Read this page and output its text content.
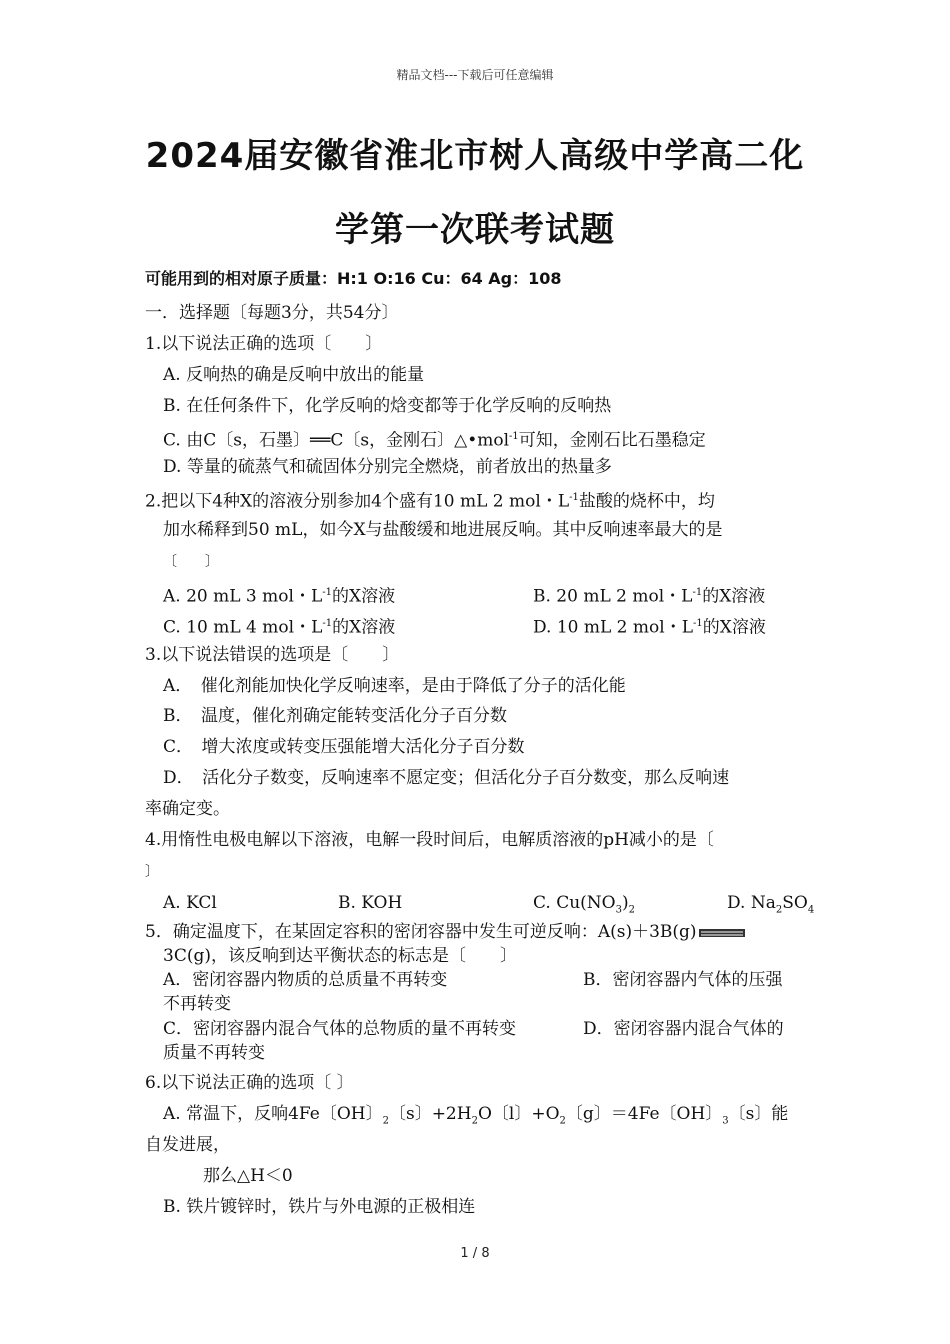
精品文档---下载后可任意编辑
2024届安徽省淮北市树人高级中学高二化
学第一次联考试题
可能用到的相对原子质量：H:1 O:16 Cu：64 Ag：108
一．选择题〔每题3分，共54分〕
1.以下说法正确的选项〔　　〕
A. 反响热的确是反响中放出的能量
B. 在任何条件下，化学反响的焓变都等于化学反响的反响热
C. 由C〔s，石墨〕══C〔s，金刚石〕△•mol$^{-1}$可知，金刚石比石墨稳定
D. 等量的硫蒸气和硫固体分别完全燃烧，前者放出的热量多
2.把以下4种X的溶液分别参加4个盛有10 mL 2 mol・$L^{-1}$盐酸的烧杯中，均
加水稀释到50 mL，如今X与盐酸缓和地进展反响。其中反响速率最大的是
〔　　〕
A. 20 mL 3 mol・$L^{-1}$的X溶液	B. 20 mL 2 mol・$L^{-1}$的X溶液
C. 10 mL 4 mol・$L^{-1}$的X溶液	D. 10 mL 2 mol・$L^{-1}$的X溶液
3.以下说法错误的选项是〔　　〕
A．　催化剂能加快化学反响速率，是由于降低了分子的活化能
B．　温度，催化剂确定能转变活化分子百分数
C．　增大浓度或转变压强能增大活化分子百分数
D．　活化分子数变，反响速率不愿定变；但活化分子百分数变，那么反响速
率确定变。
4.用惰性电极电解以下溶液，电解一段时间后，电解质溶液的pH减小的是〔
〕
A. KCl	B. KOH	C. $Cu(NO_3)_2$	D. $Na_2SO_4$
5．确定温度下，在某固定容积的密闭容器中发生可逆反响：A(s)＋3B(g)
3C(g)，该反响到达平衡状态的标志是〔　　〕
A．密闭容器内物质的总质量不再转变	B．密闭容器内气体的压强
不再转变
C．密闭容器内混合气体的总物质的量不再转变	D．密闭容器内混合气体的
质量不再转变
6.以下说法正确的选项〔 〕
A. 常温下，反响4Fe〔OH〕$_2$〔s〕$+2H_2O$〔l〕$+O_2$〔g〕＝4Fe〔OH〕$_3$〔s〕能
自发进展，
那么△H＜0
B. 铁片镀锌时，铁片与外电源的正极相连
1 / 8
